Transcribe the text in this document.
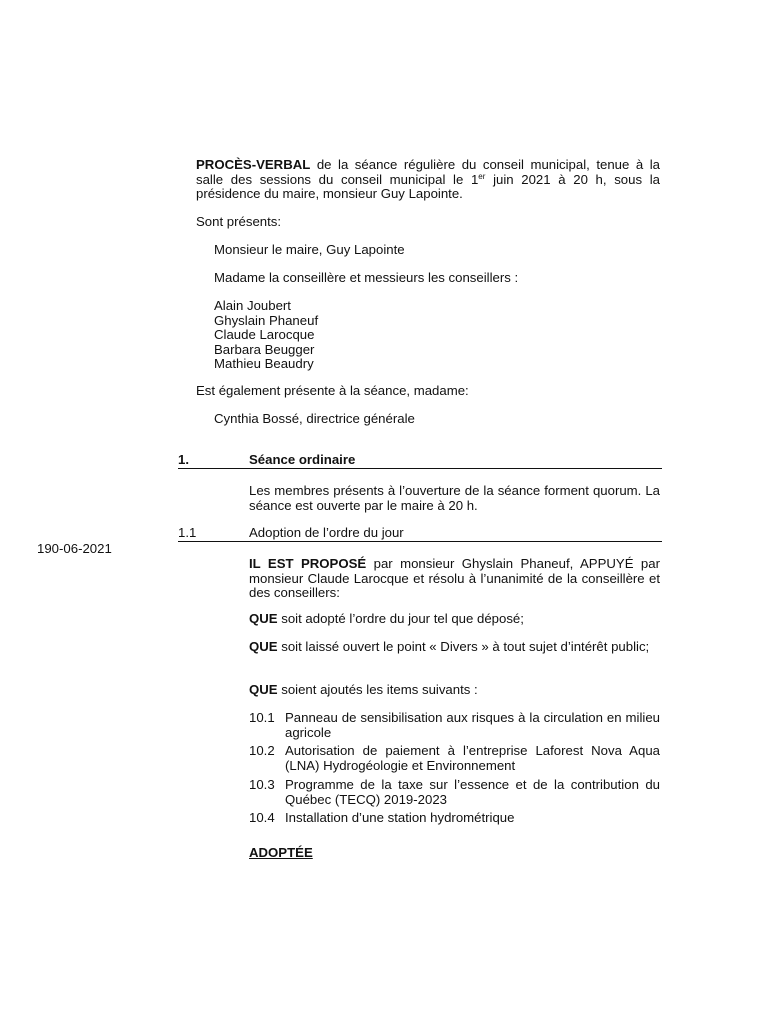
PROCÈS-VERBAL de la séance régulière du conseil municipal, tenue à la salle des sessions du conseil municipal le 1er juin 2021 à 20 h, sous la présidence du maire, monsieur Guy Lapointe.

Sont présents:

Monsieur le maire, Guy Lapointe

Madame la conseillère et messieurs les conseillers :

Alain Joubert
Ghyslain Phaneuf
Claude Larocque
Barbara Beugger
Mathieu Beaudry

Est également présente à la séance, madame:

Cynthia Bossé, directrice générale

1.	Séance ordinaire

Les membres présents à l’ouverture de la séance forment quorum. La séance est ouverte par le maire à 20 h.

1.1	Adoption de l’ordre du jour
190-06-2021

IL EST PROPOSÉ par monsieur Ghyslain Phaneuf, APPUYÉ par monsieur Claude Larocque et résolu à l’unanimité de la conseillère et des conseillers:

QUE soit adopté l’ordre du jour tel que déposé;

QUE soit laissé ouvert le point « Divers » à tout sujet d’intérêt public;

QUE soient ajoutés les items suivants :

10.1 Panneau de sensibilisation aux risques à la circulation en milieu agricole
10.2 Autorisation de paiement à l’entreprise Laforest Nova Aqua (LNA) Hydrogéologie et Environnement
10.3 Programme de la taxe sur l’essence et de la contribution du Québec (TECQ) 2019-2023
10.4 Installation d’une station hydrométrique

ADOPTÉE
